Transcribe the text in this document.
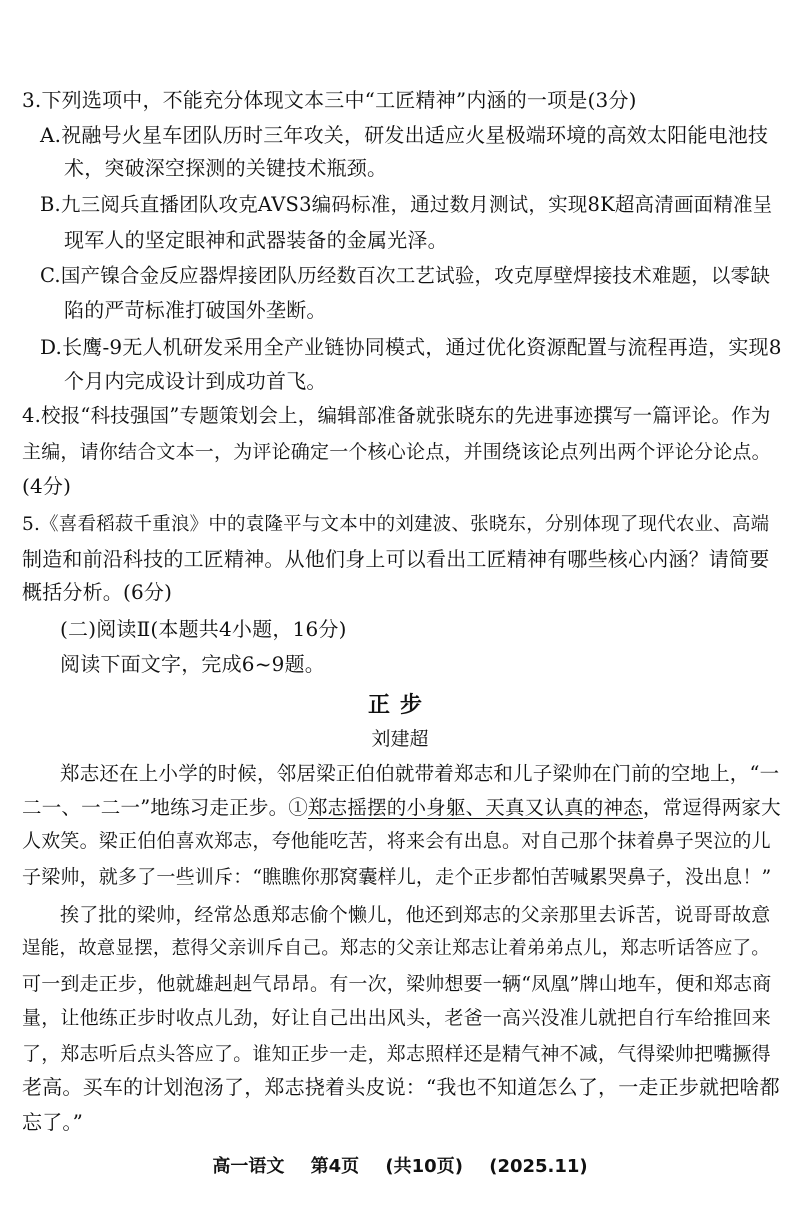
3.下列选项中，不能充分体现文本三中“工匠精神”内涵的一项是(3分)
A.祝融号火星车团队历时三年攻关，研发出适应火星极端环境的高效太阳能电池技
术，突破深空探测的关键技术瓶颈。
B.九三阅兵直播团队攻克AVS3编码标准，通过数月测试，实现8K超高清画面精准呈
现军人的坚定眼神和武器装备的金属光泽。
C.国产镍合金反应器焊接团队历经数百次工艺试验，攻克厚壁焊接技术难题，以零缺
陷的严苛标准打破国外垄断。
D.长鹰-9无人机研发采用全产业链协同模式，通过优化资源配置与流程再造，实现8
个月内完成设计到成功首飞。
4.校报“科技强国”专题策划会上，编辑部准备就张晓东的先进事迹撰写一篇评论。作为
主编，请你结合文本一，为评论确定一个核心论点，并围绕该论点列出两个评论分论点。
(4分)
5.《喜看稻菽千重浪》中的袁隆平与文本中的刘建波、张晓东，分别体现了现代农业、高端
制造和前沿科技的工匠精神。从他们身上可以看出工匠精神有哪些核心内涵？请简要
概括分析。(6分)
(二)阅读Ⅱ(本题共4小题，16分)
阅读下面文字，完成6~9题。
正步
刘建超
郑志还在上小学的时候，邻居梁正伯伯就带着郑志和儿子梁帅在门前的空地上，“一
二一、一二一”地练习走正步。①郑志摇摆的小身躯、天真又认真的神态，常逗得两家大
人欢笑。梁正伯伯喜欢郑志，夸他能吃苦，将来会有出息。对自己那个抹着鼻子哭泣的儿
子梁帅，就多了一些训斥：“瞧瞧你那窝囊样儿，走个正步都怕苦喊累哭鼻子，没出息！”
挨了批的梁帅，经常怂恿郑志偷个懒儿，他还到郑志的父亲那里去诉苦，说哥哥故意
逞能，故意显摆，惹得父亲训斥自己。郑志的父亲让郑志让着弟弟点儿，郑志听话答应了。
可一到走正步，他就雄赳赳气昂昂。有一次，梁帅想要一辆“凤凰”牌山地车，便和郑志商
量，让他练正步时收点儿劲，好让自己出出风头，老爸一高兴没准儿就把自行车给推回来
了，郑志听后点头答应了。谁知正步一走，郑志照样还是精气神不减，气得梁帅把嘴撅得
老高。买车的计划泡汤了，郑志挠着头皮说：“我也不知道怎么了，一走正步就把啥都
忘了。”
高一语文 第4页 (共10页) (2025.11)
